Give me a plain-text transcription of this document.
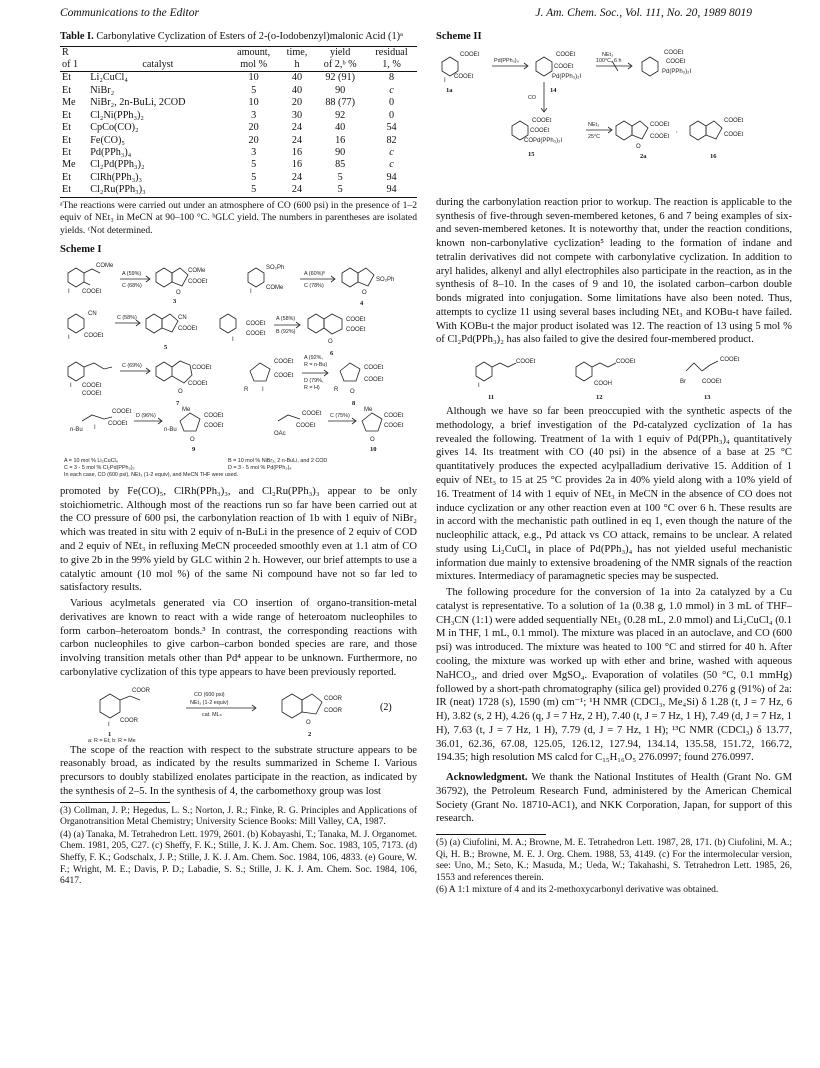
Communications to the Editor	J. Am. Chem. Soc., Vol. 111, No. 20, 1989 8019
Table I. Carbonylative Cyclization of Esters of 2-(o-Iodobenzyl)malonic Acid (1)ᵃ
R		amount,	time,	yield	residual
of 1	catalyst	mol %	h	of 2,ᵇ %	1, %
Et	Li₂CuCl₄	10	40	92 (91)	8
Et	NiBr₂	5	40	90	c
Me	NiBr₂, 2n-BuLi, 2COD	10	20	88 (77)	0
Et	Cl₂Ni(PPh₃)₂	3	30	92	0
Et	CpCo(CO)₂	20	24	40	54
Et	Fe(CO)₅	20	24	16	82
Et	Pd(PPh₃)₄	3	16	90	c
Me	Cl₂Pd(PPh₃)₂	5	16	85	c
Et	ClRh(PPh₃)₃	5	24	5	94
Et	Cl₂Ru(PPh₃)₃	5	24	5	94
ᵃThe reactions were carried out under an atmosphere of CO (600 psi) in the presence of 1–2 equiv of NEt₃ in MeCN at 90–100 °C. ᵇGLC yield. The numbers in parentheses are isolated yields. ᶜNot determined.
Scheme I
COMe
I COOEt
A (59%)
C (68%)
COMe
COOEt
O
3
SO₂Ph
I
COMe
A (60%)ᵇ
C (78%)
SO₂Ph
O
4
CN
I COOEt
C (58%)	CN
COOEt
5
I
COOEt
COOEt
A (58%)
B (92%)
COOEt
COOEt
O
6
I COOEt
COOEt
C (69%)	COOEt
COOEt
O
7
R I
COOEt
COOEt
A (92%,
R = n-Bu)
D (79%,
R = H) R
COOEt
COOEt
O
8
n-Bu I
COOEt
COOEt
D (96%)
n-Bu
Me
COOEt
COOEt
O
9
COOEt
COOEt
OAc
C (75%)
Me
COOEt
COOEt
O
10
A = 10 mol % Li₂CuCl₄	B = 10 mol % NiBr₂, 2 n-BuLi, and 2 COD
C = 3 - 5 mol % Cl₂Pd(PPh₃)₂	D = 3 - 5 mol % Pd(PPh₃)₄
In each case, CO (600 psi), NEt₃ (1-2 equiv), and MeCN THF were used.

promoted by Fe(CO)₅, ClRh(PPh₃)₃, and Cl₂Ru(PPh₃)₃ appear to be only stoichiometric. Although most of the reactions run so far have been carried out at the CO pressure of 600 psi, the carbonylation reaction of 1b with 1 equiv of NiBr₂ which was treated in situ with 2 equiv of n-BuLi in the presence of 2 equiv of COD and 2 equiv of NEt₃ in refluxing MeCN proceeded smoothly even at 1.1 atm of CO to give 2b in the 99% yield by GLC within 2 h. However, our brief attempts to use a catalytic amount (10 mol %) of the same Ni compound have not so far led to satisfactory results.

Various acylmetals generated via CO insertion of organo-transition-metal derivatives are known to react with a wide range of heteroatom nucleophiles to form carbon–heteroatom bonds.³ In contrast, the corresponding reactions with carbon nucleophiles to give carbon–carbon bonded species are rare, and those involving transition metals other than Pd⁴ appear to be unknown. Furthermore, no carbonylative cyclization of this type appears to have been previously reported.

COOR
I
COOR
1
a: R = Et; b: R = Me
CO (600 psi)
NEt₃ (1-2 equiv)
cat. MLₙ
COOR
COOR
O
2
(2)

The scope of the reaction with respect to the substrate structure appears to be reasonably broad, as indicated by the results summarized in Scheme I. Various precursors to doubly stabilized enolates participate in the reaction, as indicated by the synthesis of 2–5. In the synthesis of 4, the carbomethoxy group was lost

(3) Collman, J. P.; Hegedus, L. S.; Norton, J. R.; Finke, R. G. Principles and Applications of Organotransition Metal Chemistry; University Science Books: Mill Valley, CA, 1987.
(4) (a) Tanaka, M. Tetrahedron Lett. 1979, 2601. (b) Kobayashi, T.; Tanaka, M. J. Organomet. Chem. 1981, 205, C27. (c) Sheffy, F. K.; Stille, J. K. J. Am. Chem. Soc. 1983, 105, 7173. (d) Sheffy, F. K.; Godschalx, J. P.; Stille, J. K. J. Am. Chem. Soc. 1984, 106, 4833. (e) Goure, W. F.; Wright, M. E.; Davis, P. D.; Labadie, S. S.; Stille, J. K. J. Am. Chem. Soc. 1984, 106, 6417.
Scheme II
COOEt
I
COOEt
1a
Pd(PPh₃)₄
COOEt
COOEt
Pd(PPh₃)₂I
14
NEt₃
100°C, 6 h
COOEt
COOEt
Pd(PPh₃)₂I
CO
COOEt
COOEt
COPd(PPh₃)₂I
15
NEt₃
25°C
COOEt
COOEt
O
2a
,
COOEt
COOEt
16

during the carbonylation reaction prior to workup. The reaction is applicable to the synthesis of five-through seven-membered ketones, 6 and 7 being examples of six- and seven-membered ketones. It is noteworthy that, under the reaction conditions, known non-carbonylative cyclization⁵ leading to the formation of indane and tetralin derivatives did not compete with carbonylative cyclization. In addition to aryl halides, alkenyl and allyl electrophiles also participate in the reaction, as in the synthesis of 8–10. In the cases of 9 and 10, the isolated carbon–carbon double bonds migrated into conjugation. Some limitations have also been noted. Thus, attempts to cyclize 11 using several bases including NEt₃ and KOBu-t have failed. With KOBu-t the major product isolated was 12. The reaction of 13 using 5 mol % of Cl₂Pd(PPh₃)₂ has also failed to give the desired four-membered product.

COOEt
I
11
COOEt
COOH
12
COOEt
Br	COOEt
13

Although we have so far been preoccupied with the synthetic aspects of the methodology, a brief investigation of the Pd-catalyzed cyclization of 1a has revealed the following. Treatment of 1a with 1 equiv of Pd(PPh₃)₄ quantitatively gives 14. Its treatment with CO (40 psi) in the absence of a base at 25 °C quantitatively produces the expected acylpalladium derivative 15. Addition of 1 equiv of NEt₃ to 15 at 25 °C provides 2a in 40% yield along with a 10% yield of 16. Treatment of 14 with 1 equiv of NEt₃ in MeCN in the absence of CO does not induce cyclization or any other reaction even at 100 °C over 6 h. These results are in accord with the mechanistic path outlined in eq 1, even though the nature of the nucleophilic attack, e.g., Pd attack vs CO attack, remains to be unclear. A related study using Li₂CuCl₄ in place of Pd(PPh₃)₄ has not yielded useful mechanistic information due mainly to extensive broadening of the NMR signals of the reaction mixtures. Intermediacy of paramagnetic species may be suspected.

The following procedure for the conversion of 1a into 2a catalyzed by a Cu catalyst is representative. To a solution of 1a (0.38 g, 1.0 mmol) in 3 mL of THF–CH₃CN (1:1) were added sequentially NEt₃ (0.28 mL, 2.0 mmol) and Li₂CuCl₄ (0.1 M in THF, 1 mL, 0.1 mmol). The mixture was placed in an autoclave, and CO (600 psi) was introduced. The mixture was heated to 100 °C and stirred for 40 h. After cooling, the mixture was worked up with ether and brine, washed with aqueous NaHCO₃, and dried over MgSO₄. Evaporation of volatiles (50 °C, 0.1 mmHg) followed by a short-path chromatography (silica gel) provided 0.276 g (91%) of 2a: IR (neat) 1728 (s), 1590 (m) cm⁻¹; ¹H NMR (CDCl₃, Me₄Si) δ 1.28 (t, J = 7 Hz, 6 H), 3.82 (s, 2 H), 4.26 (q, J = 7 Hz, 2 H), 7.40 (t, J = 7 Hz, 1 H), 7.49 (d, J = 7 Hz, 1 H), 7.63 (t, J = 7 Hz, 1 H), 7.79 (d, J = 7 Hz, 1 H); ¹³C NMR (CDCl₃) δ 13.77, 36.01, 62.36, 67.08, 125.05, 126.12, 127.94, 134.14, 135.58, 151.72, 166.72, 194.35; high resolution MS calcd for C₁₅H₁₆O₅ 276.0997; found 276.0997.

Acknowledgment. We thank the National Institutes of Health (Grant No. GM 36792), the Petroleum Research Fund, administered by the American Chemical Society (Grant No. 18710-AC1), and NKK Corporation, Japan, for support of this research.

(5) (a) Ciufolini, M. A.; Browne, M. E. Tetrahedron Lett. 1987, 28, 171. (b) Ciufolini, M. A.; Qi, H. B.; Browne, M. E. J. Org. Chem. 1988, 53, 4149. (c) For the intermolecular version, see: Uno, M.; Seto, K.; Masuda, M.; Ueda, W.; Takahashi, S. Tetrahedron Lett. 1985, 26, 1553 and references therein.
(6) A 1:1 mixture of 4 and its 2-methoxycarbonyl derivative was obtained.
